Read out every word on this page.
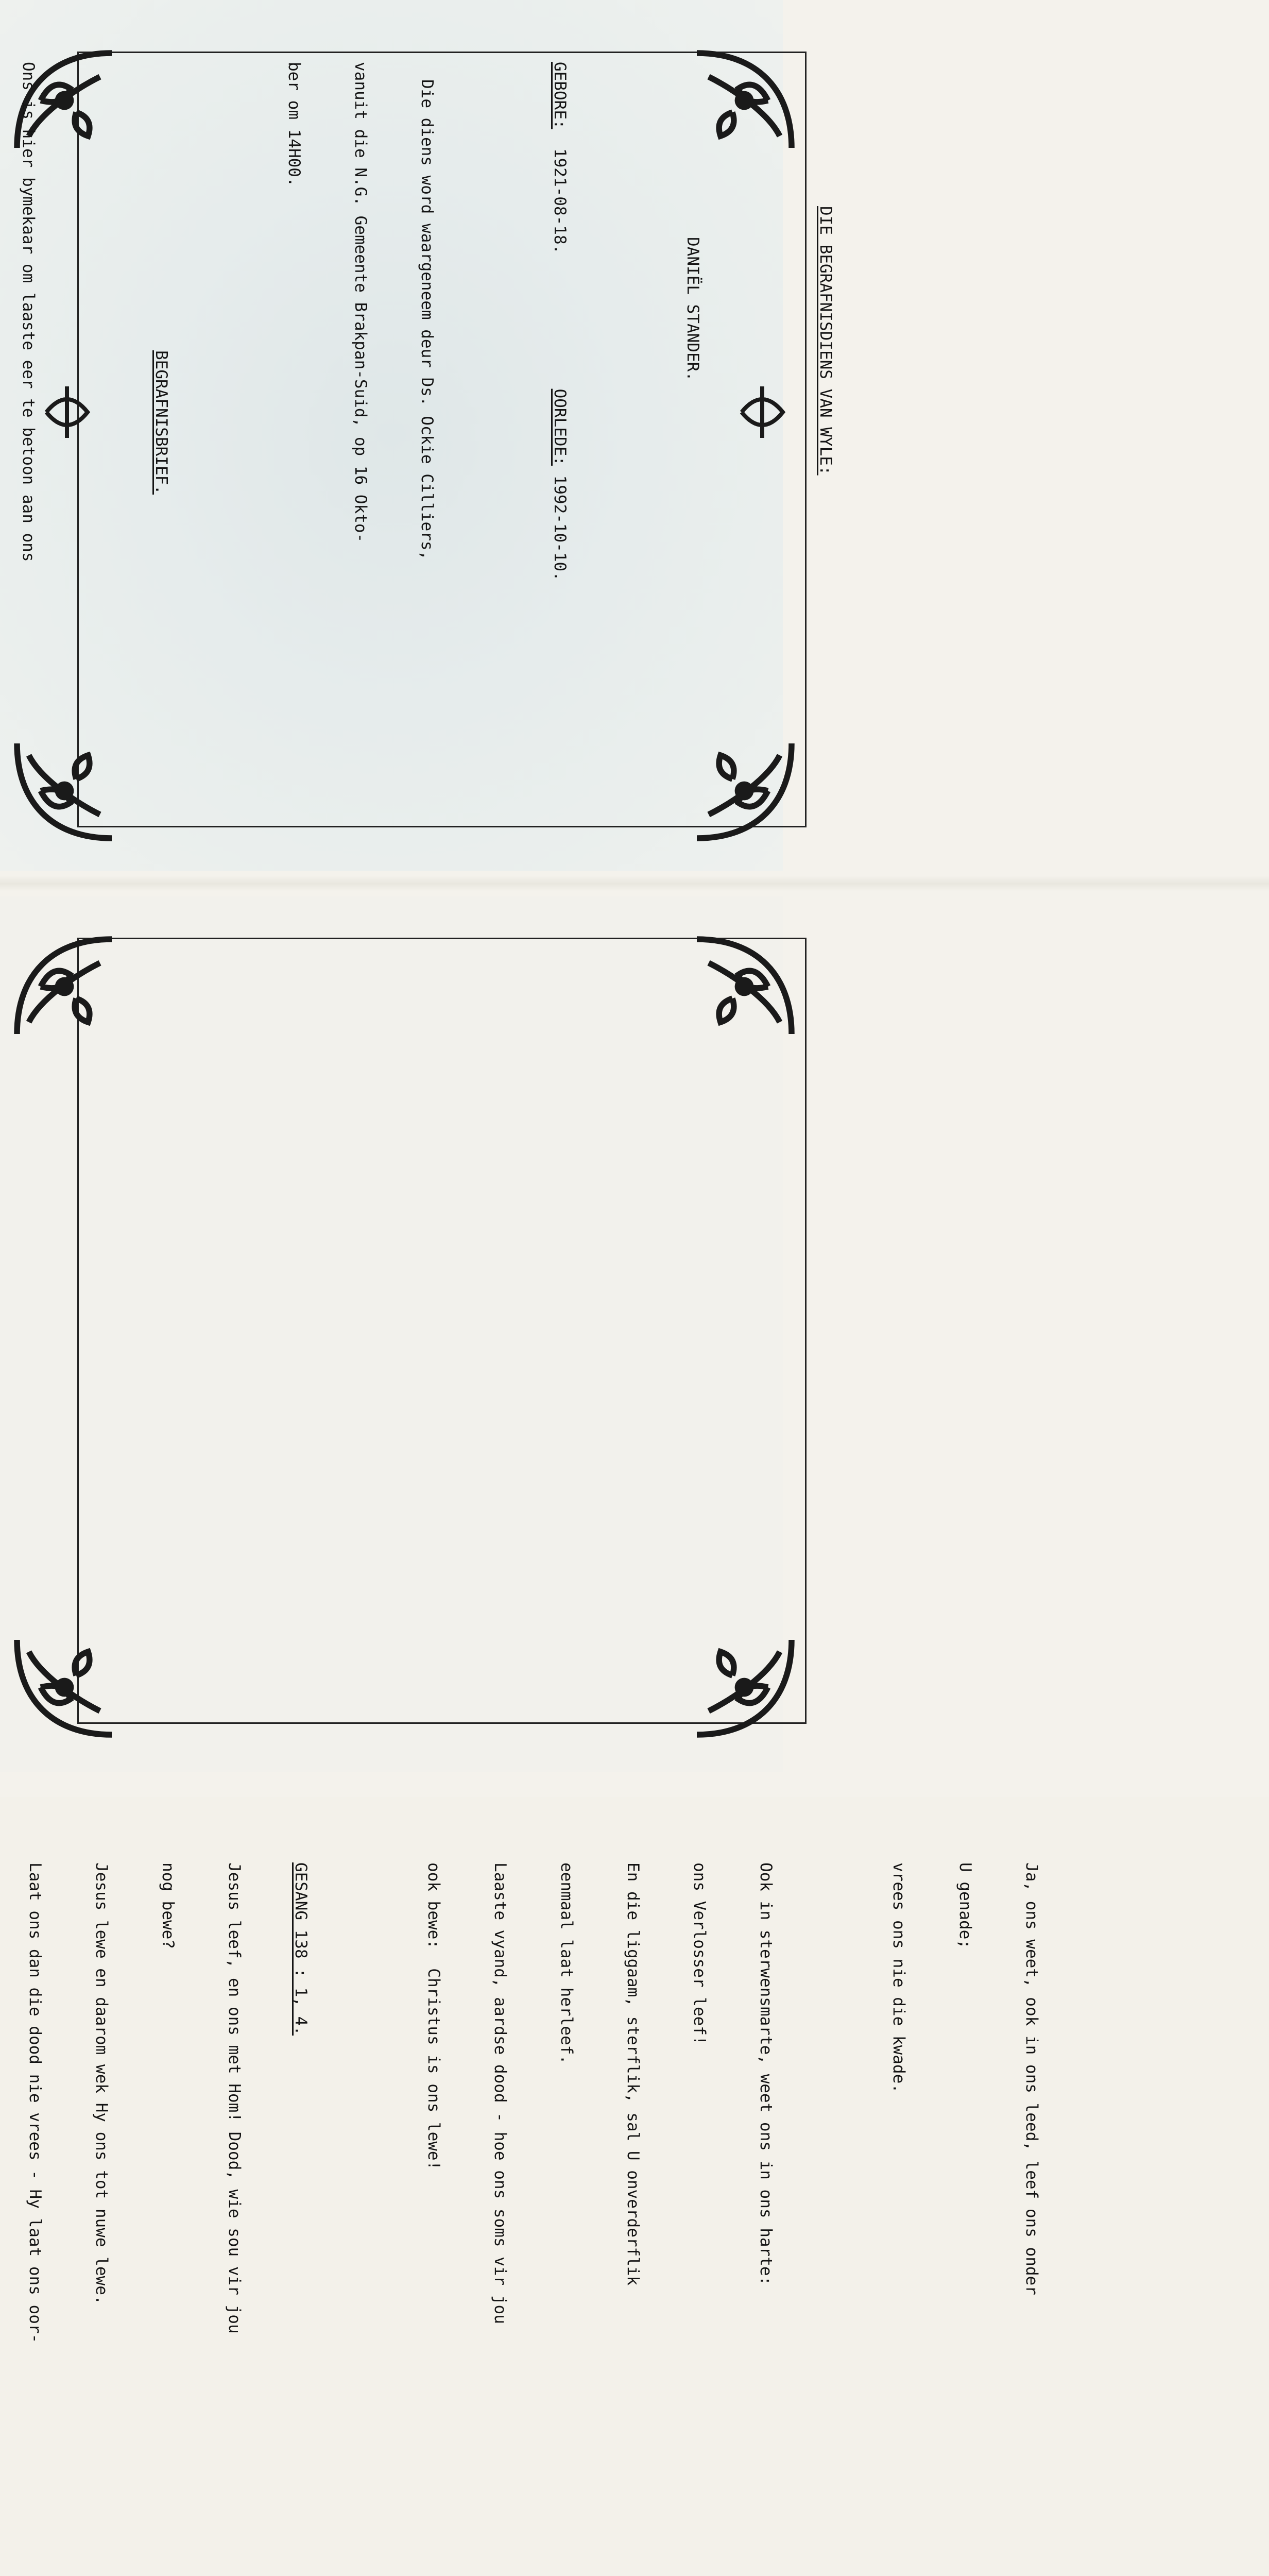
DIE BEGRAFNISDIENS VAN WYLE:

DANIËL STANDER.

GEBORE:  1921-08-18.              OORLEDE: 1992-10-10.

Die diens word waargeneem deur Ds. Ockie Cilliers,

vanuit die N.G. Gemeente Brakpan-Suid, op 16 Okto-

ber om 14H00.

BEGRAFNISBRIEF.

Ons is hier bymekaar om laaste eer te betoon aan ons

Ja, ons weet, ook in ons leed, leef ons onder

U genade;

vrees ons nie die kwade.

Ook in sterwensmarte, weet ons in ons harte:

ons Verlosser leef!

En die liggaam, sterflik, sal U onverderflik

eenmaal laat herleef.

Laaste vyand, aardse dood - hoe ons soms vir jou

ook bewe:  Christus is ons lewe!

GESANG 138 : 1, 4.

Jesus leef, en ons met Hom! Dood, wie sou vir jou

nog bewe?

Jesus lewe en daarom wek Hy ons tot nuwe lewe.

Laat ons dan die dood nie vrees - Hy laat ons oor-
